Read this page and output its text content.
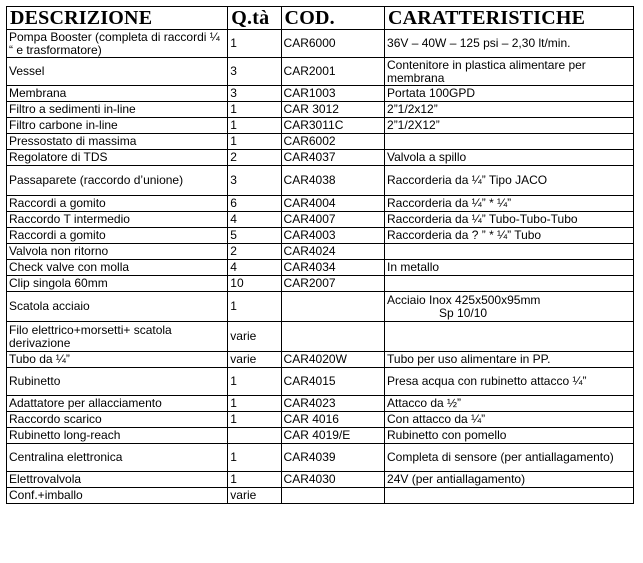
DESCRIZIONE	Q.tà	COD.	CARATTERISTICHE
Pompa Booster (completa di raccordi ¼ “ e trasformatore)	1	CAR6000	36V – 40W – 125 psi – 2,30 lt/min.
Vessel	3	CAR2001	Contenitore in plastica alimentare per membrana
Membrana	3	CAR1003	Portata 100GPD
Filtro a sedimenti in-line	1	CAR 3012	2”1/2x12”
Filtro carbone in-line	1	CAR3011C	2”1/2X12”
Pressostato di massima	1	CAR6002	
Regolatore di TDS	2	CAR4037	Valvola a spillo
Passaparete (raccordo d’unione)	3	CAR4038	Raccorderia da ¼” Tipo JACO
Raccordi a gomito	6	CAR4004	Raccorderia da ¼” * ¼”
Raccordo T intermedio	4	CAR4007	Raccorderia da ¼” Tubo-Tubo-Tubo
Raccordi a gomito	5	CAR4003	Raccorderia da ? ” * ¼” Tubo
Valvola non ritorno	2	CAR4024	
Check valve con molla	4	CAR4034	In metallo
Clip singola 60mm	10	CAR2007	
Scatola acciaio	1		Acciaio Inox 425x500x95mm
Sp 10/10

Filo elettrico+morsetti+ scatola derivazione	varie		
Tubo da ¼”	varie	CAR4020W	Tubo per uso alimentare in PP.
Rubinetto	1	CAR4015	Presa acqua con rubinetto attacco ¼”
Adattatore per allacciamento	1	CAR4023	Attacco da ½”
Raccordo scarico	1	CAR 4016	Con attacco da ¼”
Rubinetto long-reach		CAR 4019/E	Rubinetto con pomello
Centralina elettronica	1	CAR4039	Completa di sensore (per antiallagamento)
Elettrovalvola	1	CAR4030	24V (per antiallagamento)
Conf.+imballo	varie		
